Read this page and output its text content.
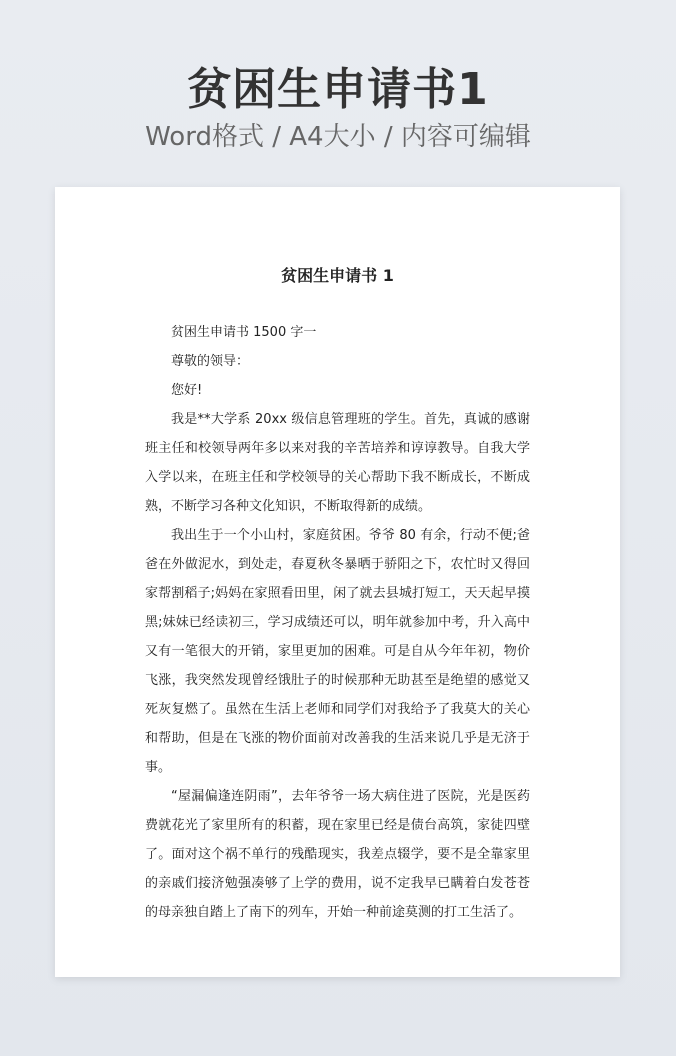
贫困生申请书1
Word格式 / A4大小 / 内容可编辑
贫困生申请书 1

贫困生申请书 1500 字一

尊敬的领导：

您好!

我是**大学系 20xx 级信息管理班的学生。首先，真诚的感谢班主任和校领导两年多以来对我的辛苦培养和谆谆教导。自我大学入学以来，在班主任和学校领导的关心帮助下我不断成长，不断成熟，不断学习各种文化知识，不断取得新的成绩。

我出生于一个小山村，家庭贫困。爷爷 80 有余，行动不便;爸爸在外做泥水，到处走，春夏秋冬暴晒于骄阳之下，农忙时又得回家帮割稻子;妈妈在家照看田里，闲了就去县城打短工，天天起早摸黑;妹妹已经读初三，学习成绩还可以，明年就参加中考，升入高中又有一笔很大的开销，家里更加的困难。可是自从今年年初，物价飞涨，我突然发现曾经饿肚子的时候那种无助甚至是绝望的感觉又死灰复燃了。虽然在生活上老师和同学们对我给予了我莫大的关心和帮助，但是在飞涨的物价面前对改善我的生活来说几乎是无济于事。

“屋漏偏逢连阴雨”，去年爷爷一场大病住进了医院，光是医药费就花光了家里所有的积蓄，现在家里已经是债台高筑，家徒四壁了。面对这个祸不单行的残酷现实，我差点辍学，要不是全靠家里的亲戚们接济勉强凑够了上学的费用，说不定我早已瞒着白发苍苍的母亲独自踏上了南下的列车，开始一种前途莫测的打工生活了。
